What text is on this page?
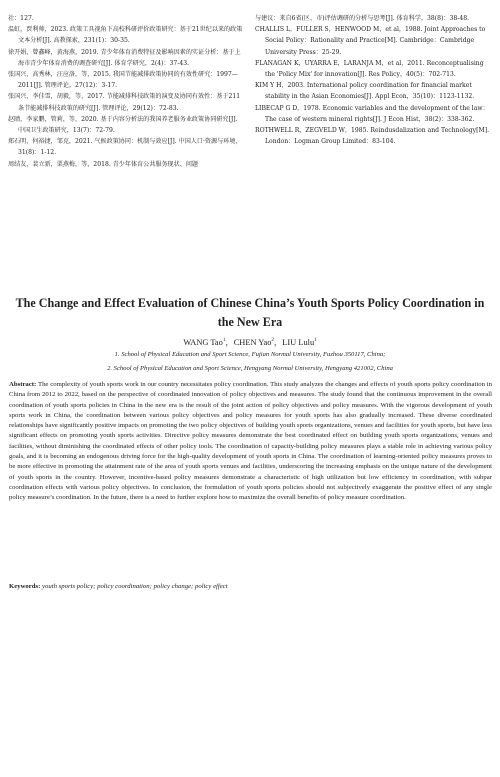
社：127.

温虹，贾利帅，2023. 政策工具视角下高校科研评价政策研究：基于21世纪以来的政策文本分析[J]. 高教探索，231(1)：30-35.

徐开娟，曾鑫峰，黄海燕，2019. 青少年体育消费特征及影响因素的实证分析：基于上海市青少年体育消费的调查研究[J]. 体育学研究，2(4)：37-43.

张国兴，高秀林，汪应洛，等，2015. 我国节能减排政策协同的有效性研究：1997—2011[J]. 管理评论，27(12)：3-17.

张国兴，李佳雪，胡毅，等，2017. 节能减排科技政策的演变及协同有效性：基于211条节能减排科技政策的研究[J]. 管理评论，29(12)：72-83.

赵睛，李家鹏，管莉，等，2020. 基于内容分析法的我国养老服务业政策协同研究[J]. 中国卫生政策研究，13(7)：72-79.

郑石明，何裕捷，邹克，2021. 气候政策协同：机制与效应[J]. 中国人口·资源与环境，31(8)：1-12.

周结友，裴立新，栗燕梅，等，2018. 青少年体育公共服务现状、问题

与建议：来自6省(区、市)评估调研的分析与思考[J]. 体育科学，38(8)：38-48.

CHALLIS L，FULLER S，HENWOOD M，et al，1988. Joint Approaches to Social Policy：Rationality and Practice[M]. Cambridge：Cambridge University Press：25-29.

FLANAGAN K，UYARRA E，LARANJA M，et al，2011. Reconceptualising the 'Policy Mix' for innovation[J]. Res Policy，40(5)：702-713.

KIM Y H，2003. International policy coordination for financial market stability in the Asian Economies[J]. Appl Econ，35(10)：1123-1132.

LIBECAP G D，1978. Economic variables and the development of the law：The case of western mineral rights[J]. J Econ Hist，38(2)：338-362.

ROTHWELL R，ZEGVELD W，1985. Reindusdalization and Technology[M]. London：Logman Group Limited：83-104.

The Change and Effect Evaluation of Chinese China’s Youth Sports Policy Coordination in the New Era
WANG Tao$^1$，CHEN Yao$^2$，LIU Lulu$^1$
1. School of Physical Education and Sport Science, Fujian Normal University, Fuzhou 350117, China;
2. School of Physical Education and Sport Science, Hengyang Normal University, Hengyang 421002, China

Abstract: The complexity of youth sports work in our country necessitates policy coordination. This study analyzes the changes and effects of youth sports policy coordination in China from 2012 to 2022, based on the perspective of coordinated innovation of policy objectives and measures. The study found that the continuous improvement in the overall coordination of youth sports policies in China in the new era is the result of the joint action of policy objectives and policy measures. With the vigorous development of youth sports work in China, the coordination between various policy objectives and policy measures for youth sports has also gradually increased. These diverse coordinated relationships have significantly positive impacts on promoting the two policy objectives of building youth sports organizations, venues and facilities for youth sports, but have less significant effects on promoting youth sports activities. Directive policy measures demonstrate the best coordinated effect on building youth sports organizations, venues and facilities, without diminishing the coordinated effects of other policy tools. The coordination of capacity-building policy measures plays a stable role in achieving various policy goals, and it is becoming an endogenous driving force for the high-quality development of youth sports in China. The coordination of learning-oriented policy measures proves to be more effective in promoting the attainment rate of the area of youth sports venues and facilities, underscoring the increasing emphasis on the unique nature of the development of youth sports in the country. However, incentive-based policy measures demonstrate a characteristic of high utilization but low efficiency in coordination, with subpar coordination effects with various policy objectives. In conclusion, the formulation of youth sports policies should not subjectively exaggerate the positive effect of any single policy measure’s coordination. In the future, there is a need to further explore how to maximize the overall benefits of policy measure coordination.

Keywords: youth sports policy; policy coordination; policy change; policy effect
